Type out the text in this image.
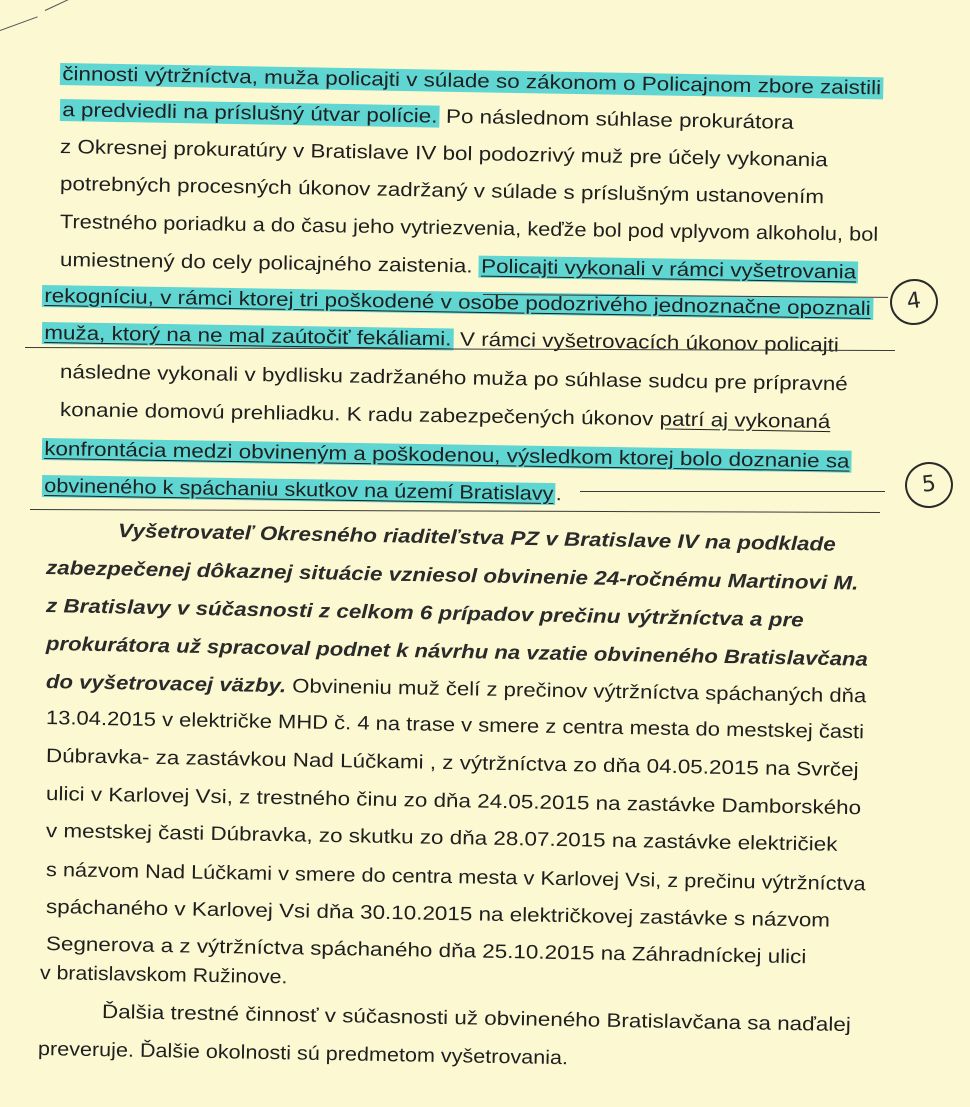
činnosti výtržníctva, muža policajti v súlade so zákonom o Policajnom zbore zaistili
a predviedli na príslušný útvar polície. Po následnom súhlase prokurátora
z Okresnej prokuratúry v Bratislave IV bol podozrivý muž pre účely vykonania
potrebných procesných úkonov zadržaný v súlade s príslušným ustanovením
Trestného poriadku a do času jeho vytriezvenia, keďže bol pod vplyvom alkoholu, bol
umiestnený do cely policajného zaistenia. Policajti vykonali v rámci vyšetrovania
rekogníciu, v rámci ktorej tri poškodené v osobe podozrivého jednoznačne opoznali
muža, ktorý na ne mal zaútočiť fekáliami. V rámci vyšetrovacích úkonov policajti
následne vykonali v bydlisku zadržaného muža po súhlase sudcu pre prípravné
konanie domovú prehliadku. K radu zabezpečených úkonov patrí aj vykonaná
konfrontácia medzi obvineným a poškodenou, výsledkom ktorej bolo doznanie sa
obvineného k spáchaniu skutkov na území Bratislavy.
Vyšetrovateľ Okresného riaditeľstva PZ v Bratislave IV na podklade
zabezpečenej dôkaznej situácie vzniesol obvinenie 24-ročnému Martinovi M.
z Bratislavy v súčasnosti z celkom 6 prípadov prečinu výtržníctva a pre
prokurátora už spracoval podnet k návrhu na vzatie obvineného Bratislavčana
do vyšetrovacej väzby. Obvineniu muž čelí z prečinov výtržníctva spáchaných dňa
13.04.2015 v električke MHD č. 4 na trase v smere z centra mesta do mestskej časti
Dúbravka- za zastávkou Nad Lúčkami , z výtržníctva zo dňa 04.05.2015 na Svrčej
ulici v Karlovej Vsi, z trestného činu zo dňa 24.05.2015 na zastávke Damborského
v mestskej časti Dúbravka, zo skutku zo dňa 28.07.2015 na zastávke električiek
s názvom Nad Lúčkami v smere do centra mesta v Karlovej Vsi, z prečinu výtržníctva
spáchaného v Karlovej Vsi dňa 30.10.2015 na električkovej zastávke s názvom
Segnerova a z výtržníctva spáchaného dňa 25.10.2015 na Záhradníckej ulici
v bratislavskom Ružinove.
Ďalšia trestné činnosť v súčasnosti už obvineného Bratislavčana sa naďalej
preveruje. Ďalšie okolnosti sú predmetom vyšetrovania.
4
5
